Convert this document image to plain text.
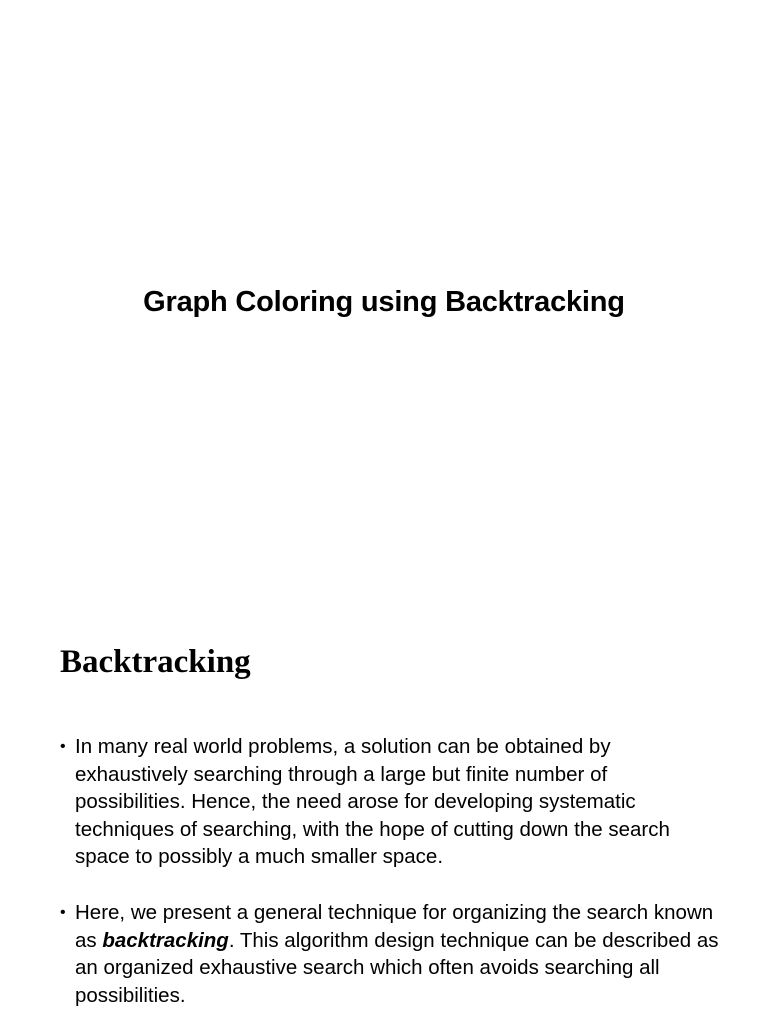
Graph Coloring using Backtracking
Backtracking
• In many real world problems, a solution can be obtained by exhaustively searching through a large but finite number of possibilities. Hence, the need arose for developing systematic techniques of searching, with the hope of cutting down the search space to possibly a much smaller space.
• Here, we present a general technique for organizing the search known as backtracking. This algorithm design technique can be described as an organized exhaustive search which often avoids searching all possibilities.
